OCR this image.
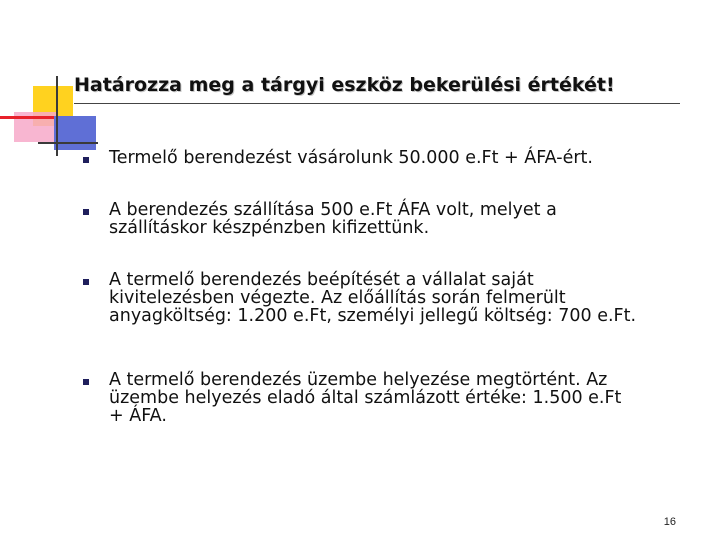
Határozza meg a tárgyi eszköz bekerülési értékét!
Termelő berendezést vásárolunk 50.000 e.Ft + ÁFA-ért.
A berendezés szállítása 500 e.Ft ÁFA volt, melyet a
szállításkor készpénzben kifizettünk.
A termelő berendezés beépítését a vállalat saját
kivitelezésben végezte. Az előállítás során felmerült
anyagköltség: 1.200 e.Ft, személyi jellegű költség: 700 e.Ft.
A termelő berendezés üzembe helyezése megtörtént. Az
üzembe helyezés eladó által számlázott értéke: 1.500 e.Ft
+ ÁFA.
16
